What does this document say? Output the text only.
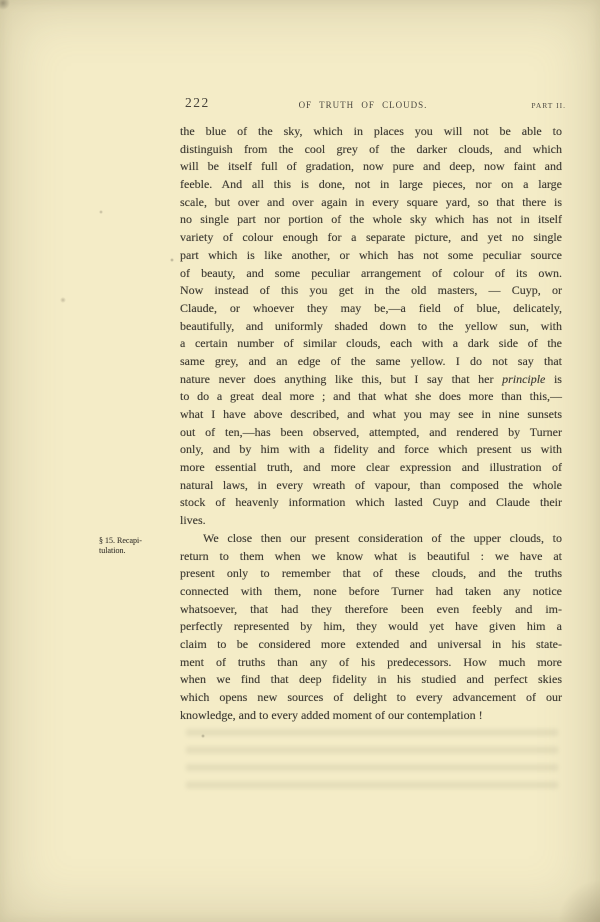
222	OF TRUTH OF CLOUDS.	PART II.
§ 15. Recapi-
tulation.
the blue of the sky, which in places you will not be able to
distinguish from the cool grey of the darker clouds, and which
will be itself full of gradation, now pure and deep, now faint and
feeble. And all this is done, not in large pieces, nor on a large
scale, but over and over again in every square yard, so that there is
no single part nor portion of the whole sky which has not in itself
variety of colour enough for a separate picture, and yet no single
part which is like another, or which has not some peculiar source
of beauty, and some peculiar arrangement of colour of its own.
Now instead of this you get in the old masters, — Cuyp, or
Claude, or whoever they may be,—a field of blue, delicately,
beautifully, and uniformly shaded down to the yellow sun, with
a certain number of similar clouds, each with a dark side of the
same grey, and an edge of the same yellow. I do not say that
nature never does anything like this, but I say that her principle is
to do a great deal more ; and that what she does more than this,—
what I have above described, and what you may see in nine sunsets
out of ten,—has been observed, attempted, and rendered by Turner
only, and by him with a fidelity and force which present us with
more essential truth, and more clear expression and illustration of
natural laws, in every wreath of vapour, than composed the whole
stock of heavenly information which lasted Cuyp and Claude their
lives.
We close then our present consideration of the upper clouds, to
return to them when we know what is beautiful : we have at
present only to remember that of these clouds, and the truths
connected with them, none before Turner had taken any notice
whatsoever, that had they therefore been even feebly and im-
perfectly represented by him, they would yet have given him a
claim to be considered more extended and universal in his state-
ment of truths than any of his predecessors. How much more
when we find that deep fidelity in his studied and perfect skies
which opens new sources of delight to every advancement of our
knowledge, and to every added moment of our contemplation !
